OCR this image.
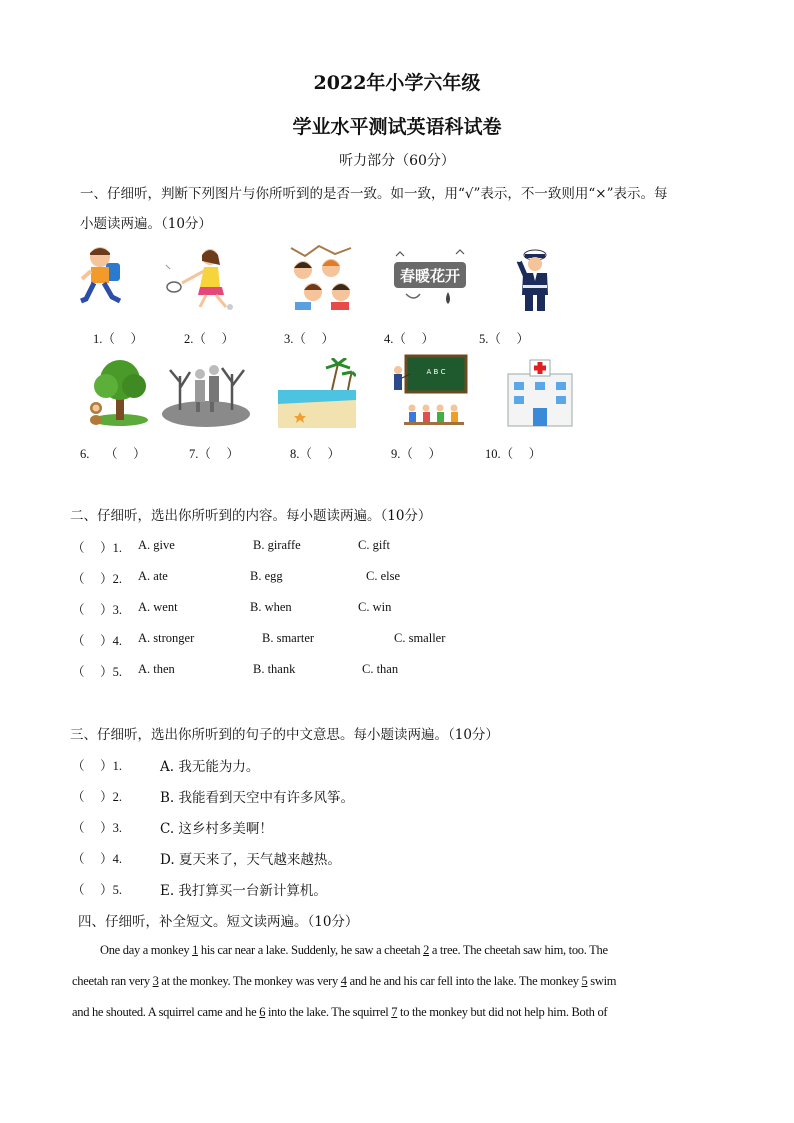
2022年小学六年级
学业水平测试英语科试卷
听力部分（60分）
一、仔细听，判断下列图片与你所听到的是否一致。如一致，用“√”表示，不一致则用“×”表示。每
小题读两遍。（10分）
春暖花开
1.（　 ）	2.（　 ）	3.（　 ）	4.（　 ）	5.（　 ）
A B C
6.　 （　 ）	7.（　 ）	8.（　 ）	9.（　 ）	10.（　 ）
二、仔细听，选出你所听到的内容。每小题读两遍。（10分）
（　 ）1. A. give	B. giraffe	C. gift
（　 ）2. A. ate	B. egg	C. else
（　 ）3. A. went	B. when	C. win
（　 ）4. A. stronger	B. smarter	C. smaller
（　 ）5. A. then	B. thank	C. than
三、仔细听，选出你所听到的句子的中文意思。每小题读两遍。（10分）
（　 ）1.	A. 我无能为力。
（　 ）2.	B. 我能看到天空中有许多风筝。
（　 ）3.	C. 这乡村多美啊！
（　 ）4.	D. 夏天来了，天气越来越热。
（　 ）5.	E. 我打算买一台新计算机。
四、仔细听，补全短文。短文读两遍。（10分）
One day a monkey 1 his car near a lake. Suddenly, he saw a cheetah 2 a tree. The cheetah saw him, too. The
cheetah ran very 3 at the monkey. The monkey was very 4 and he and his car fell into the lake. The monkey 5 swim
and he shouted. A squirrel came and he 6 into the lake. The squirrel 7 to the monkey but did not help him. Both of
